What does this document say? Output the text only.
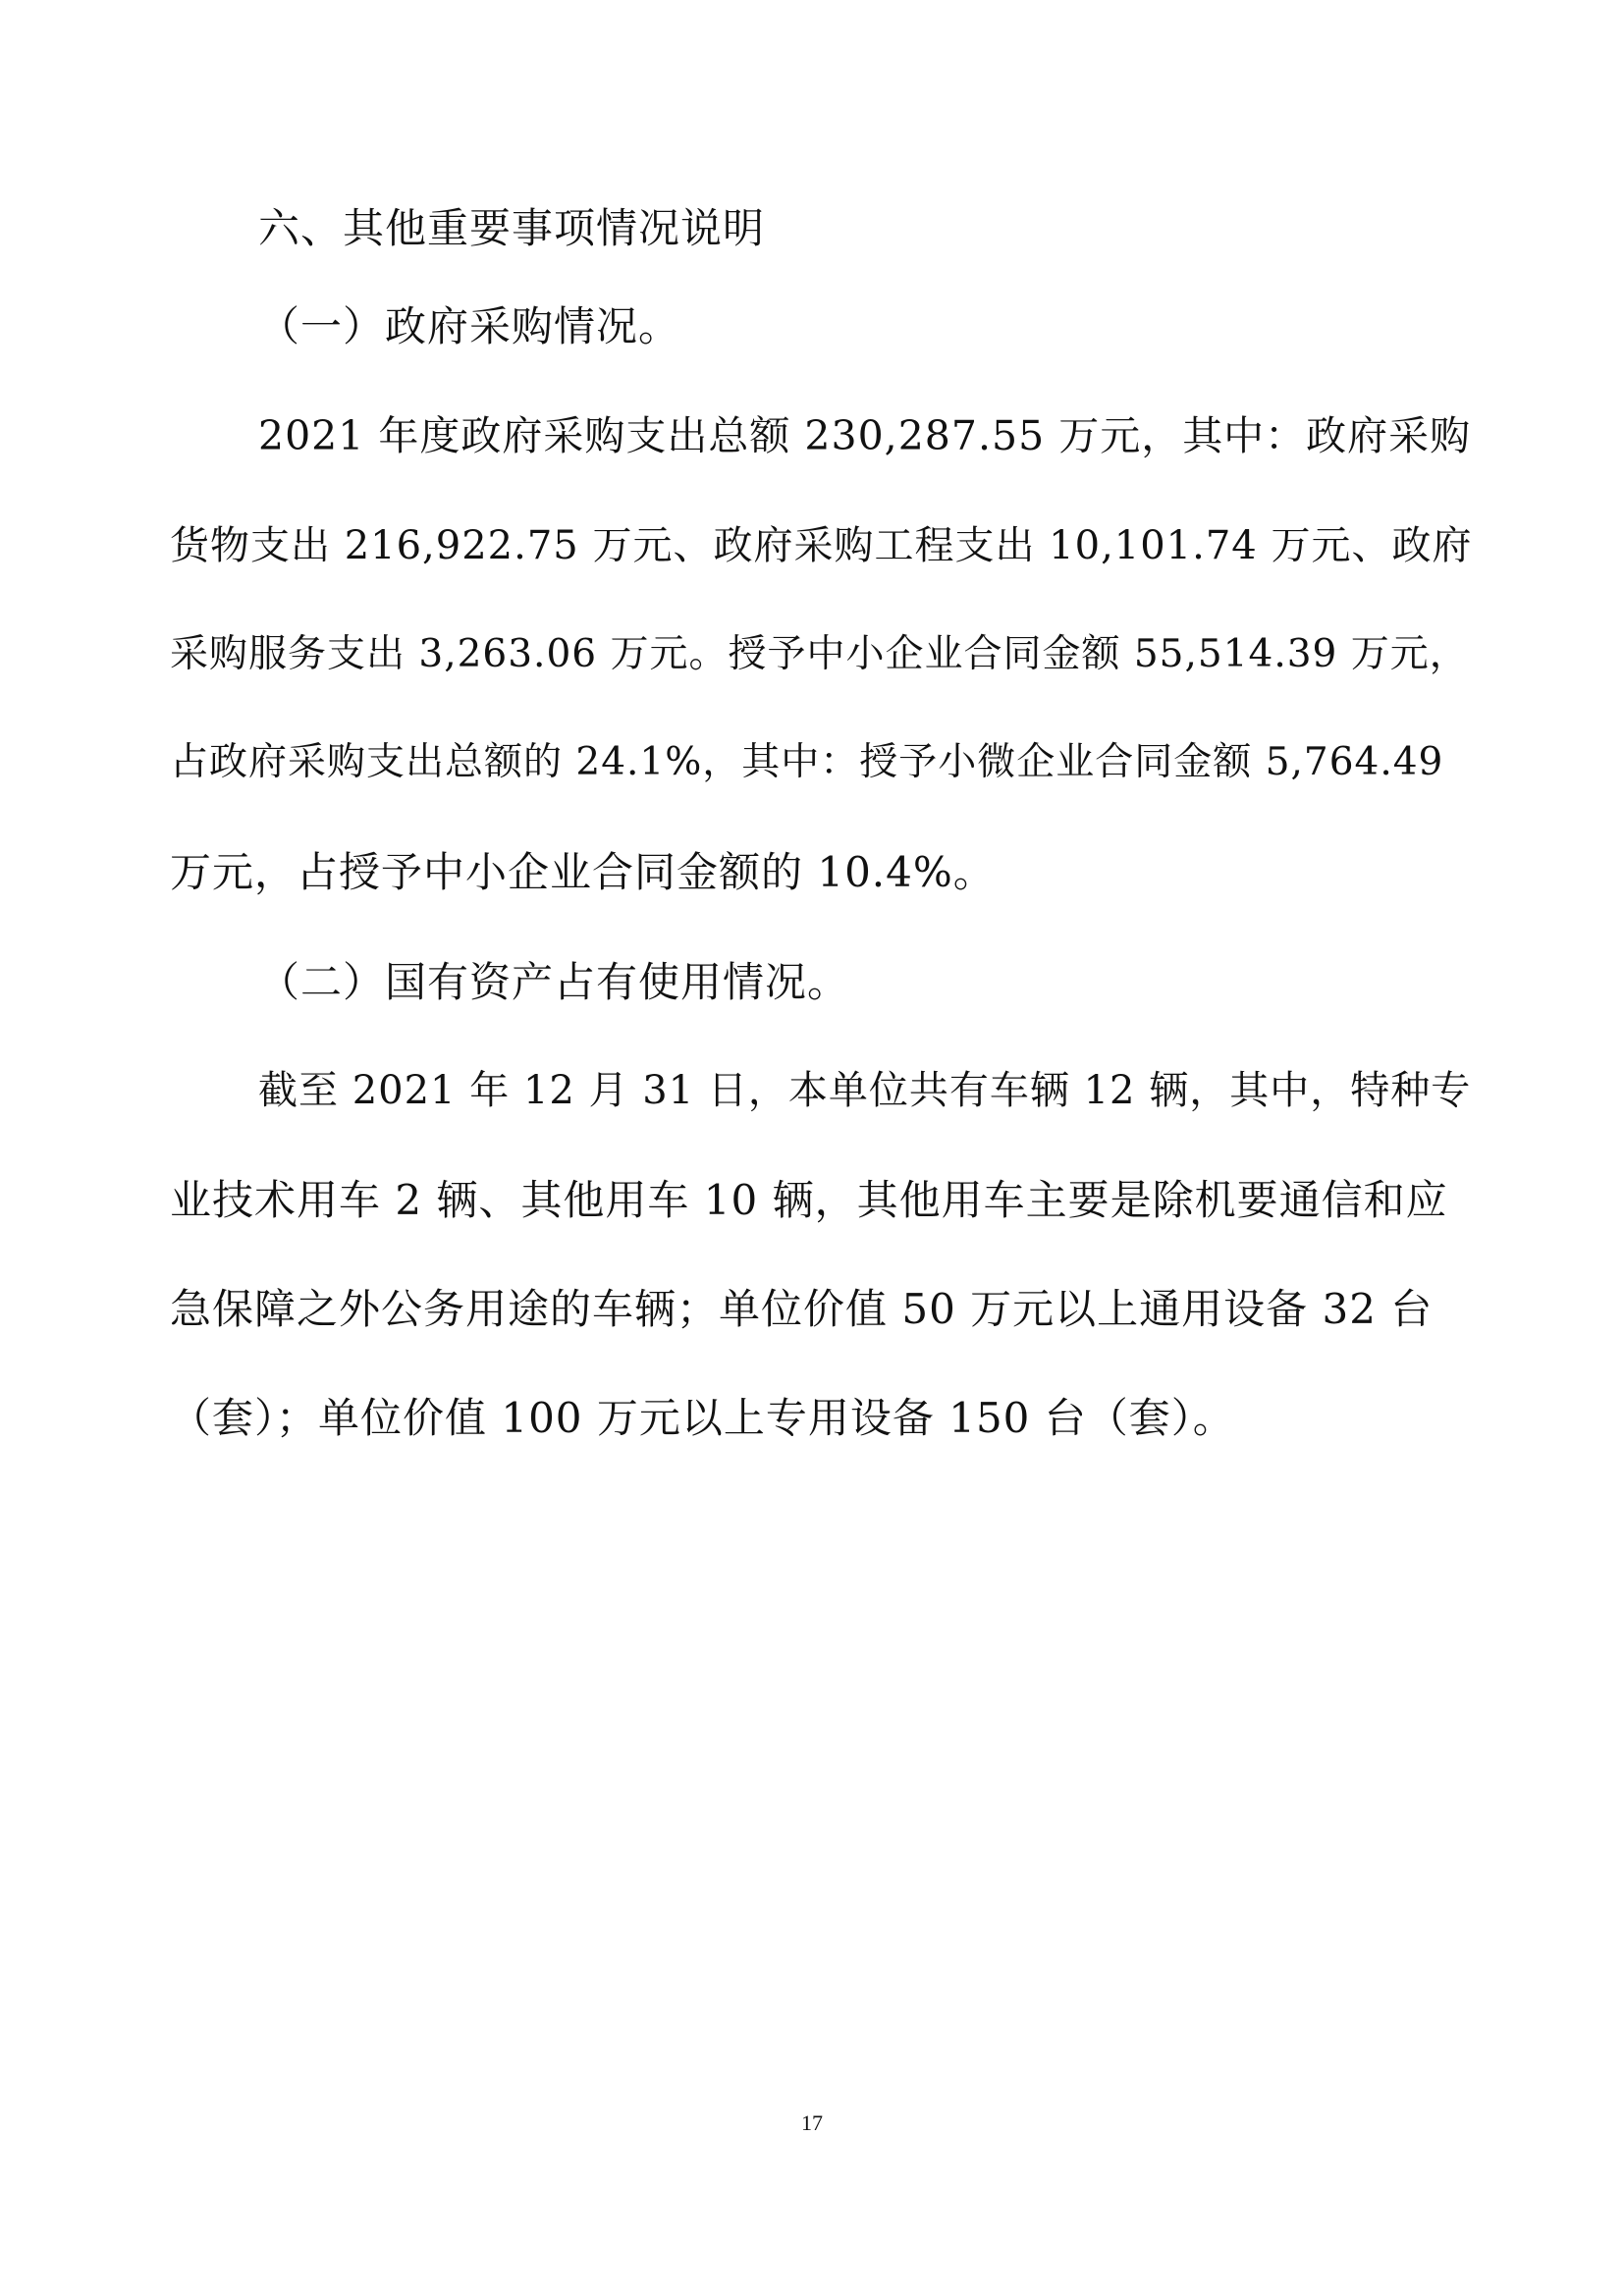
六、其他重要事项情况说明
（一）政府采购情况。
2021 年度政府采购支出总额 230,287.55 万元，其中：政府采购
货物支出 216,922.75 万元、政府采购工程支出 10,101.74 万元、政府
采购服务支出 3,263.06 万元。授予中小企业合同金额 55,514.39 万元，
占政府采购支出总额的 24.1%，其中：授予小微企业合同金额 5,764.49
万元，占授予中小企业合同金额的 10.4%。
（二）国有资产占有使用情况。
截至 2021 年 12 月 31 日，本单位共有车辆 12 辆，其中，特种专
业技术用车 2 辆、其他用车 10 辆，其他用车主要是除机要通信和应
急保障之外公务用途的车辆；单位价值 50 万元以上通用设备 32 台
（套）；单位价值 100 万元以上专用设备 150 台（套）。
17
